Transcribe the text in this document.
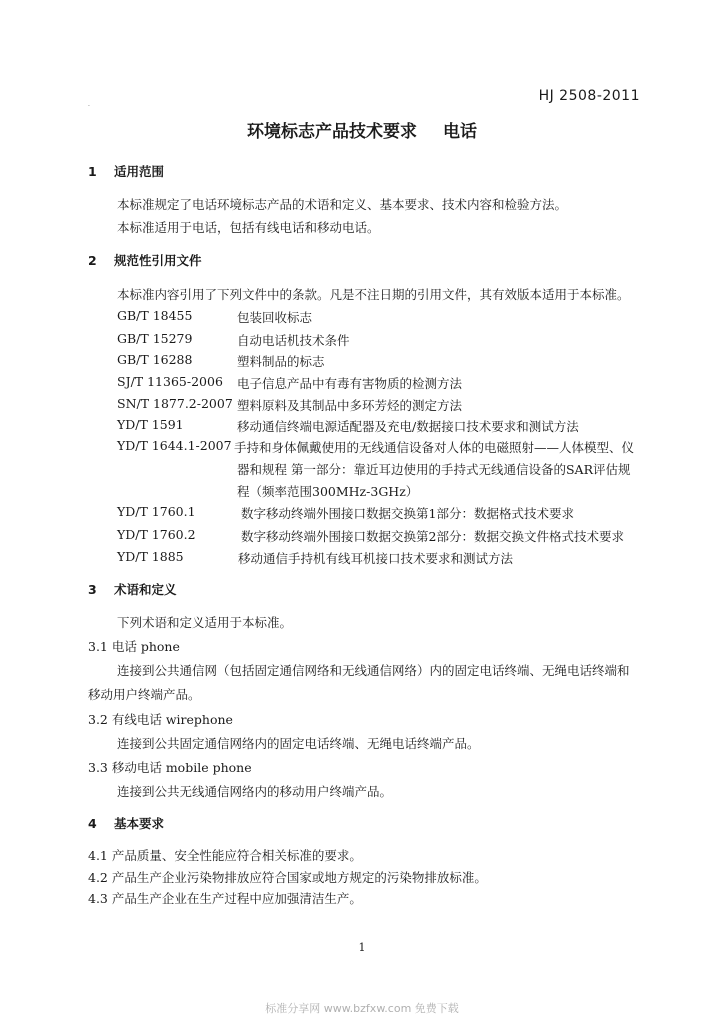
HJ 2508-2011
.
环境标志产品技术要求 电话
1 适用范围
本标准规定了电话环境标志产品的术语和定义、基本要求、技术内容和检验方法。
本标准适用于电话，包括有线电话和移动电话。
2 规范性引用文件
本标准内容引用了下列文件中的条款。凡是不注日期的引用文件，其有效版本适用于本标准。
GB/T 18455	包装回收标志
GB/T 15279	自动电话机技术条件
GB/T 16288	塑料制品的标志
SJ/T 11365-2006 电子信息产品中有毒有害物质的检测方法
SN/T 1877.2-2007 塑料原料及其制品中多环芳烃的测定方法
YD/T 1591	移动通信终端电源适配器及充电/数据接口技术要求和测试方法
YD/T 1644.1-2007 手持和身体佩戴使用的无线通信设备对人体的电磁照射——人体模型、仪
器和规程 第一部分：靠近耳边使用的手持式无线通信设备的SAR评估规
程（频率范围300MHz-3GHz）
YD/T 1760.1	数字移动终端外围接口数据交换第1部分：数据格式技术要求
YD/T 1760.2	数字移动终端外围接口数据交换第2部分：数据交换文件格式技术要求
YD/T 1885	移动通信手持机有线耳机接口技术要求和测试方法
3 术语和定义
下列术语和定义适用于本标准。
3.1 电话 phone
连接到公共通信网（包括固定通信网络和无线通信网络）内的固定电话终端、无绳电话终端和
移动用户终端产品。
3.2 有线电话 wirephone
连接到公共固定通信网络内的固定电话终端、无绳电话终端产品。
3.3 移动电话 mobile phone
连接到公共无线通信网络内的移动用户终端产品。
4 基本要求
4.1 产品质量、安全性能应符合相关标准的要求。
4.2 产品生产企业污染物排放应符合国家或地方规定的污染物排放标准。
4.3 产品生产企业在生产过程中应加强清洁生产。
1
标准分享网 www.bzfxw.com 免费下载
